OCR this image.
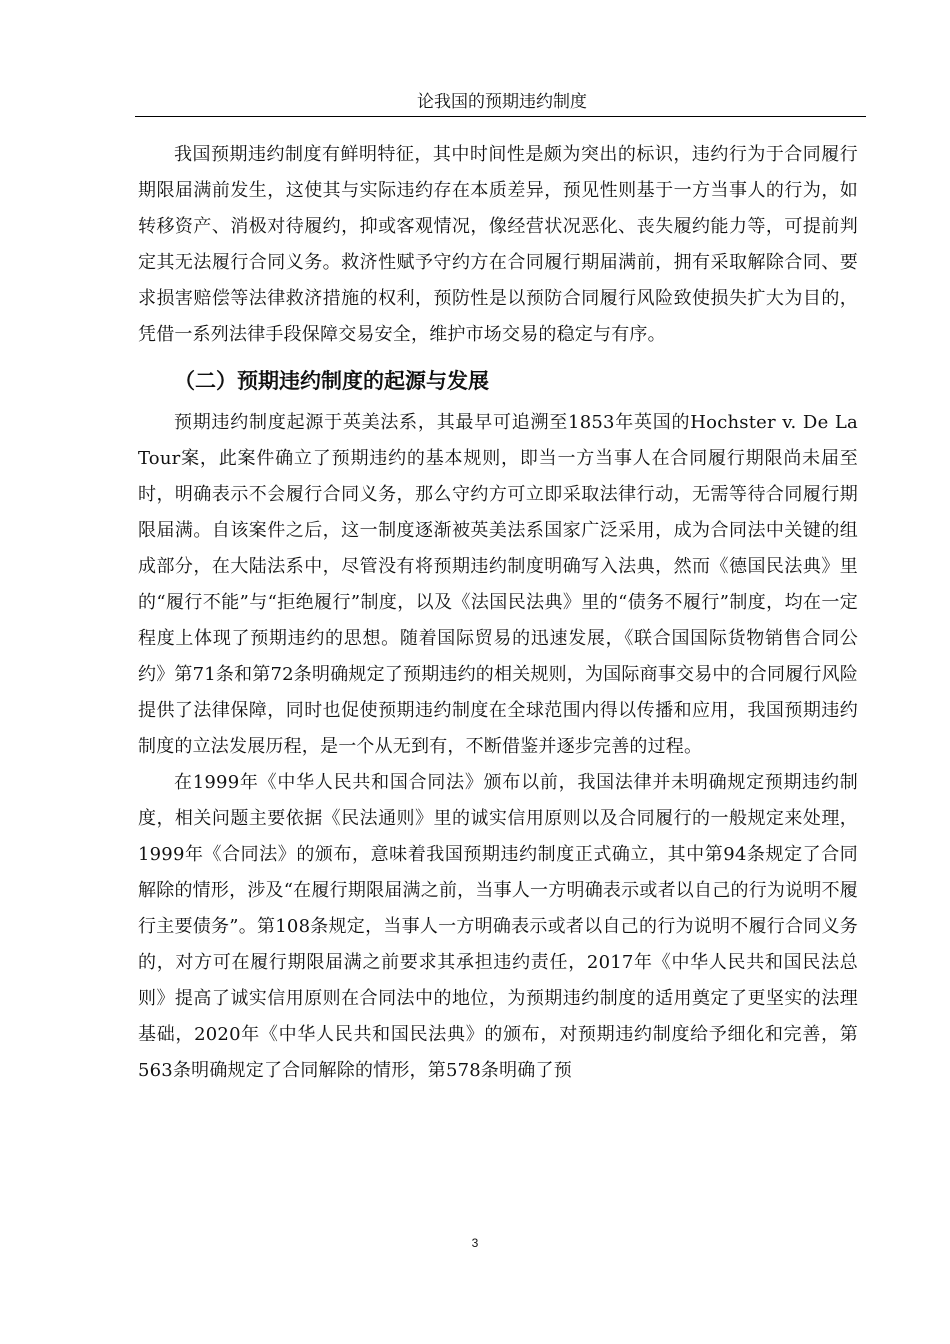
论我国的预期违约制度

我国预期违约制度有鲜明特征，其中时间性是颇为突出的标识，违约行为于合同履行期限届满前发生，这使其与实际违约存在本质差异，预见性则基于一方当事人的行为，如转移资产、消极对待履约，抑或客观情况，像经营状况恶化、丧失履约能力等，可提前判定其无法履行合同义务。救济性赋予守约方在合同履行期届满前，拥有采取解除合同、要求损害赔偿等法律救济措施的权利，预防性是以预防合同履行风险致使损失扩大为目的，凭借一系列法律手段保障交易安全，维护市场交易的稳定与有序。

（二）预期违约制度的起源与发展

预期违约制度起源于英美法系，其最早可追溯至1853年英国的Hochster v. De La Tour案，此案件确立了预期违约的基本规则，即当一方当事人在合同履行期限尚未届至时，明确表示不会履行合同义务，那么守约方可立即采取法律行动，无需等待合同履行期限届满。自该案件之后，这一制度逐渐被英美法系国家广泛采用，成为合同法中关键的组成部分，在大陆法系中，尽管没有将预期违约制度明确写入法典，然而《德国民法典》里的“履行不能”与“拒绝履行”制度，以及《法国民法典》里的“债务不履行”制度，均在一定程度上体现了预期违约的思想。随着国际贸易的迅速发展，《联合国国际货物销售合同公约》第71条和第72条明确规定了预期违约的相关规则，为国际商事交易中的合同履行风险提供了法律保障，同时也促使预期违约制度在全球范围内得以传播和应用，我国预期违约制度的立法发展历程，是一个从无到有，不断借鉴并逐步完善的过程。

在1999年《中华人民共和国合同法》颁布以前，我国法律并未明确规定预期违约制度，相关问题主要依据《民法通则》里的诚实信用原则以及合同履行的一般规定来处理，1999年《合同法》的颁布，意味着我国预期违约制度正式确立，其中第94条规定了合同解除的情形，涉及“在履行期限届满之前，当事人一方明确表示或者以自己的行为说明不履行主要债务”。第108条规定，当事人一方明确表示或者以自己的行为说明不履行合同义务的，对方可在履行期限届满之前要求其承担违约责任，2017年《中华人民共和国民法总则》提高了诚实信用原则在合同法中的地位，为预期违约制度的适用奠定了更坚实的法理基础，2020年《中华人民共和国民法典》的颁布，对预期违约制度给予细化和完善，第563条明确规定了合同解除的情形，第578条明确了预

3
